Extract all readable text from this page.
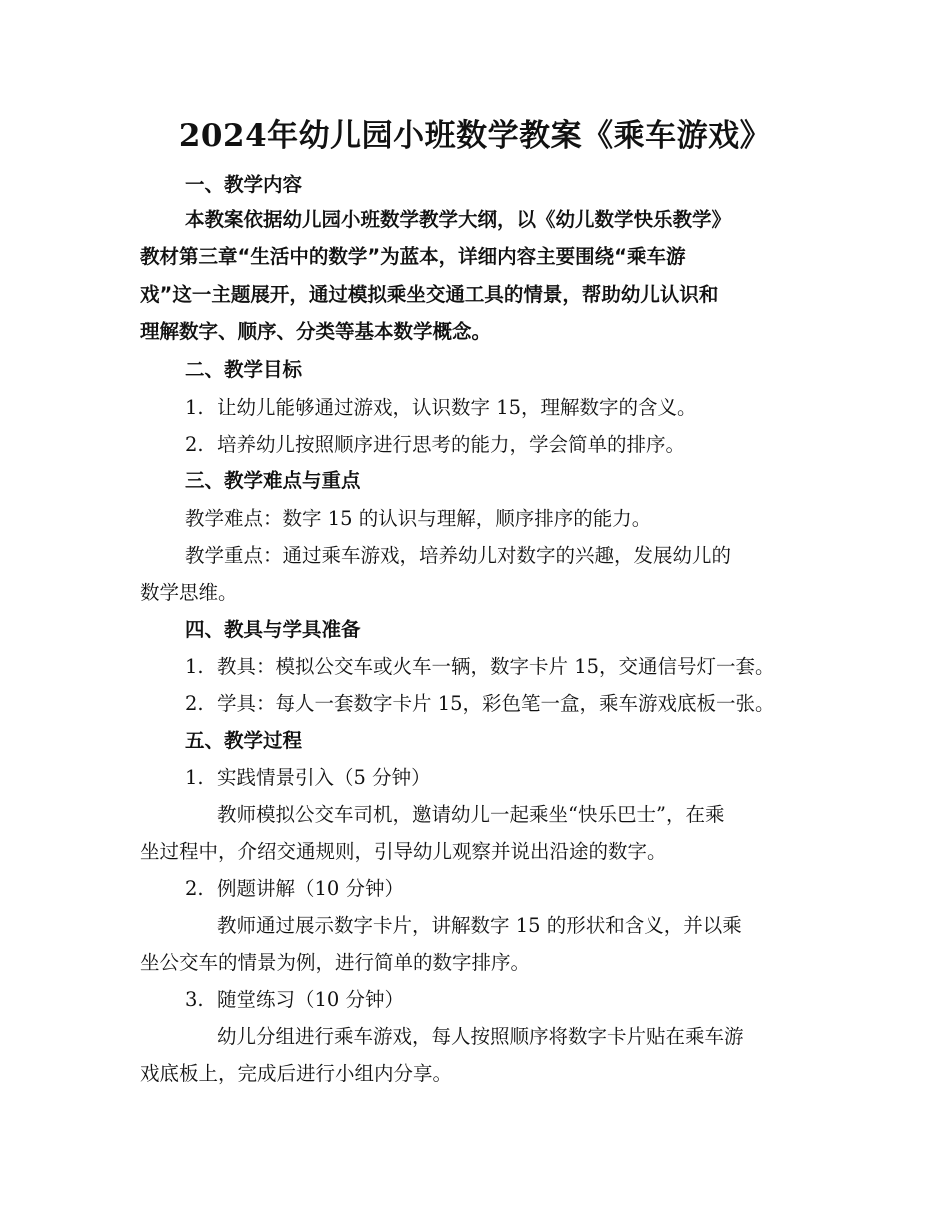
2024年幼儿园小班数学教案《乘车游戏》
一、教学内容
本教案依据幼儿园小班数学教学大纲，以《幼儿数学快乐教学》
教材第三章“生活中的数学”为蓝本，详细内容主要围绕“乘车游
戏”这一主题展开，通过模拟乘坐交通工具的情景，帮助幼儿认识和
理解数字、顺序、分类等基本数学概念。
二、教学目标
1. 让幼儿能够通过游戏，认识数字 15，理解数字的含义。
2. 培养幼儿按照顺序进行思考的能力，学会简单的排序。
三、教学难点与重点
教学难点：数字 15 的认识与理解，顺序排序的能力。
教学重点：通过乘车游戏，培养幼儿对数字的兴趣，发展幼儿的
数学思维。
四、教具与学具准备
1. 教具：模拟公交车或火车一辆，数字卡片 15，交通信号灯一套。
2. 学具：每人一套数字卡片 15，彩色笔一盒，乘车游戏底板一张。
五、教学过程
1. 实践情景引入（5 分钟）
教师模拟公交车司机，邀请幼儿一起乘坐“快乐巴士”，在乘
坐过程中，介绍交通规则，引导幼儿观察并说出沿途的数字。
2. 例题讲解（10 分钟）
教师通过展示数字卡片，讲解数字 15 的形状和含义，并以乘
坐公交车的情景为例，进行简单的数字排序。
3. 随堂练习（10 分钟）
幼儿分组进行乘车游戏，每人按照顺序将数字卡片贴在乘车游
戏底板上，完成后进行小组内分享。
